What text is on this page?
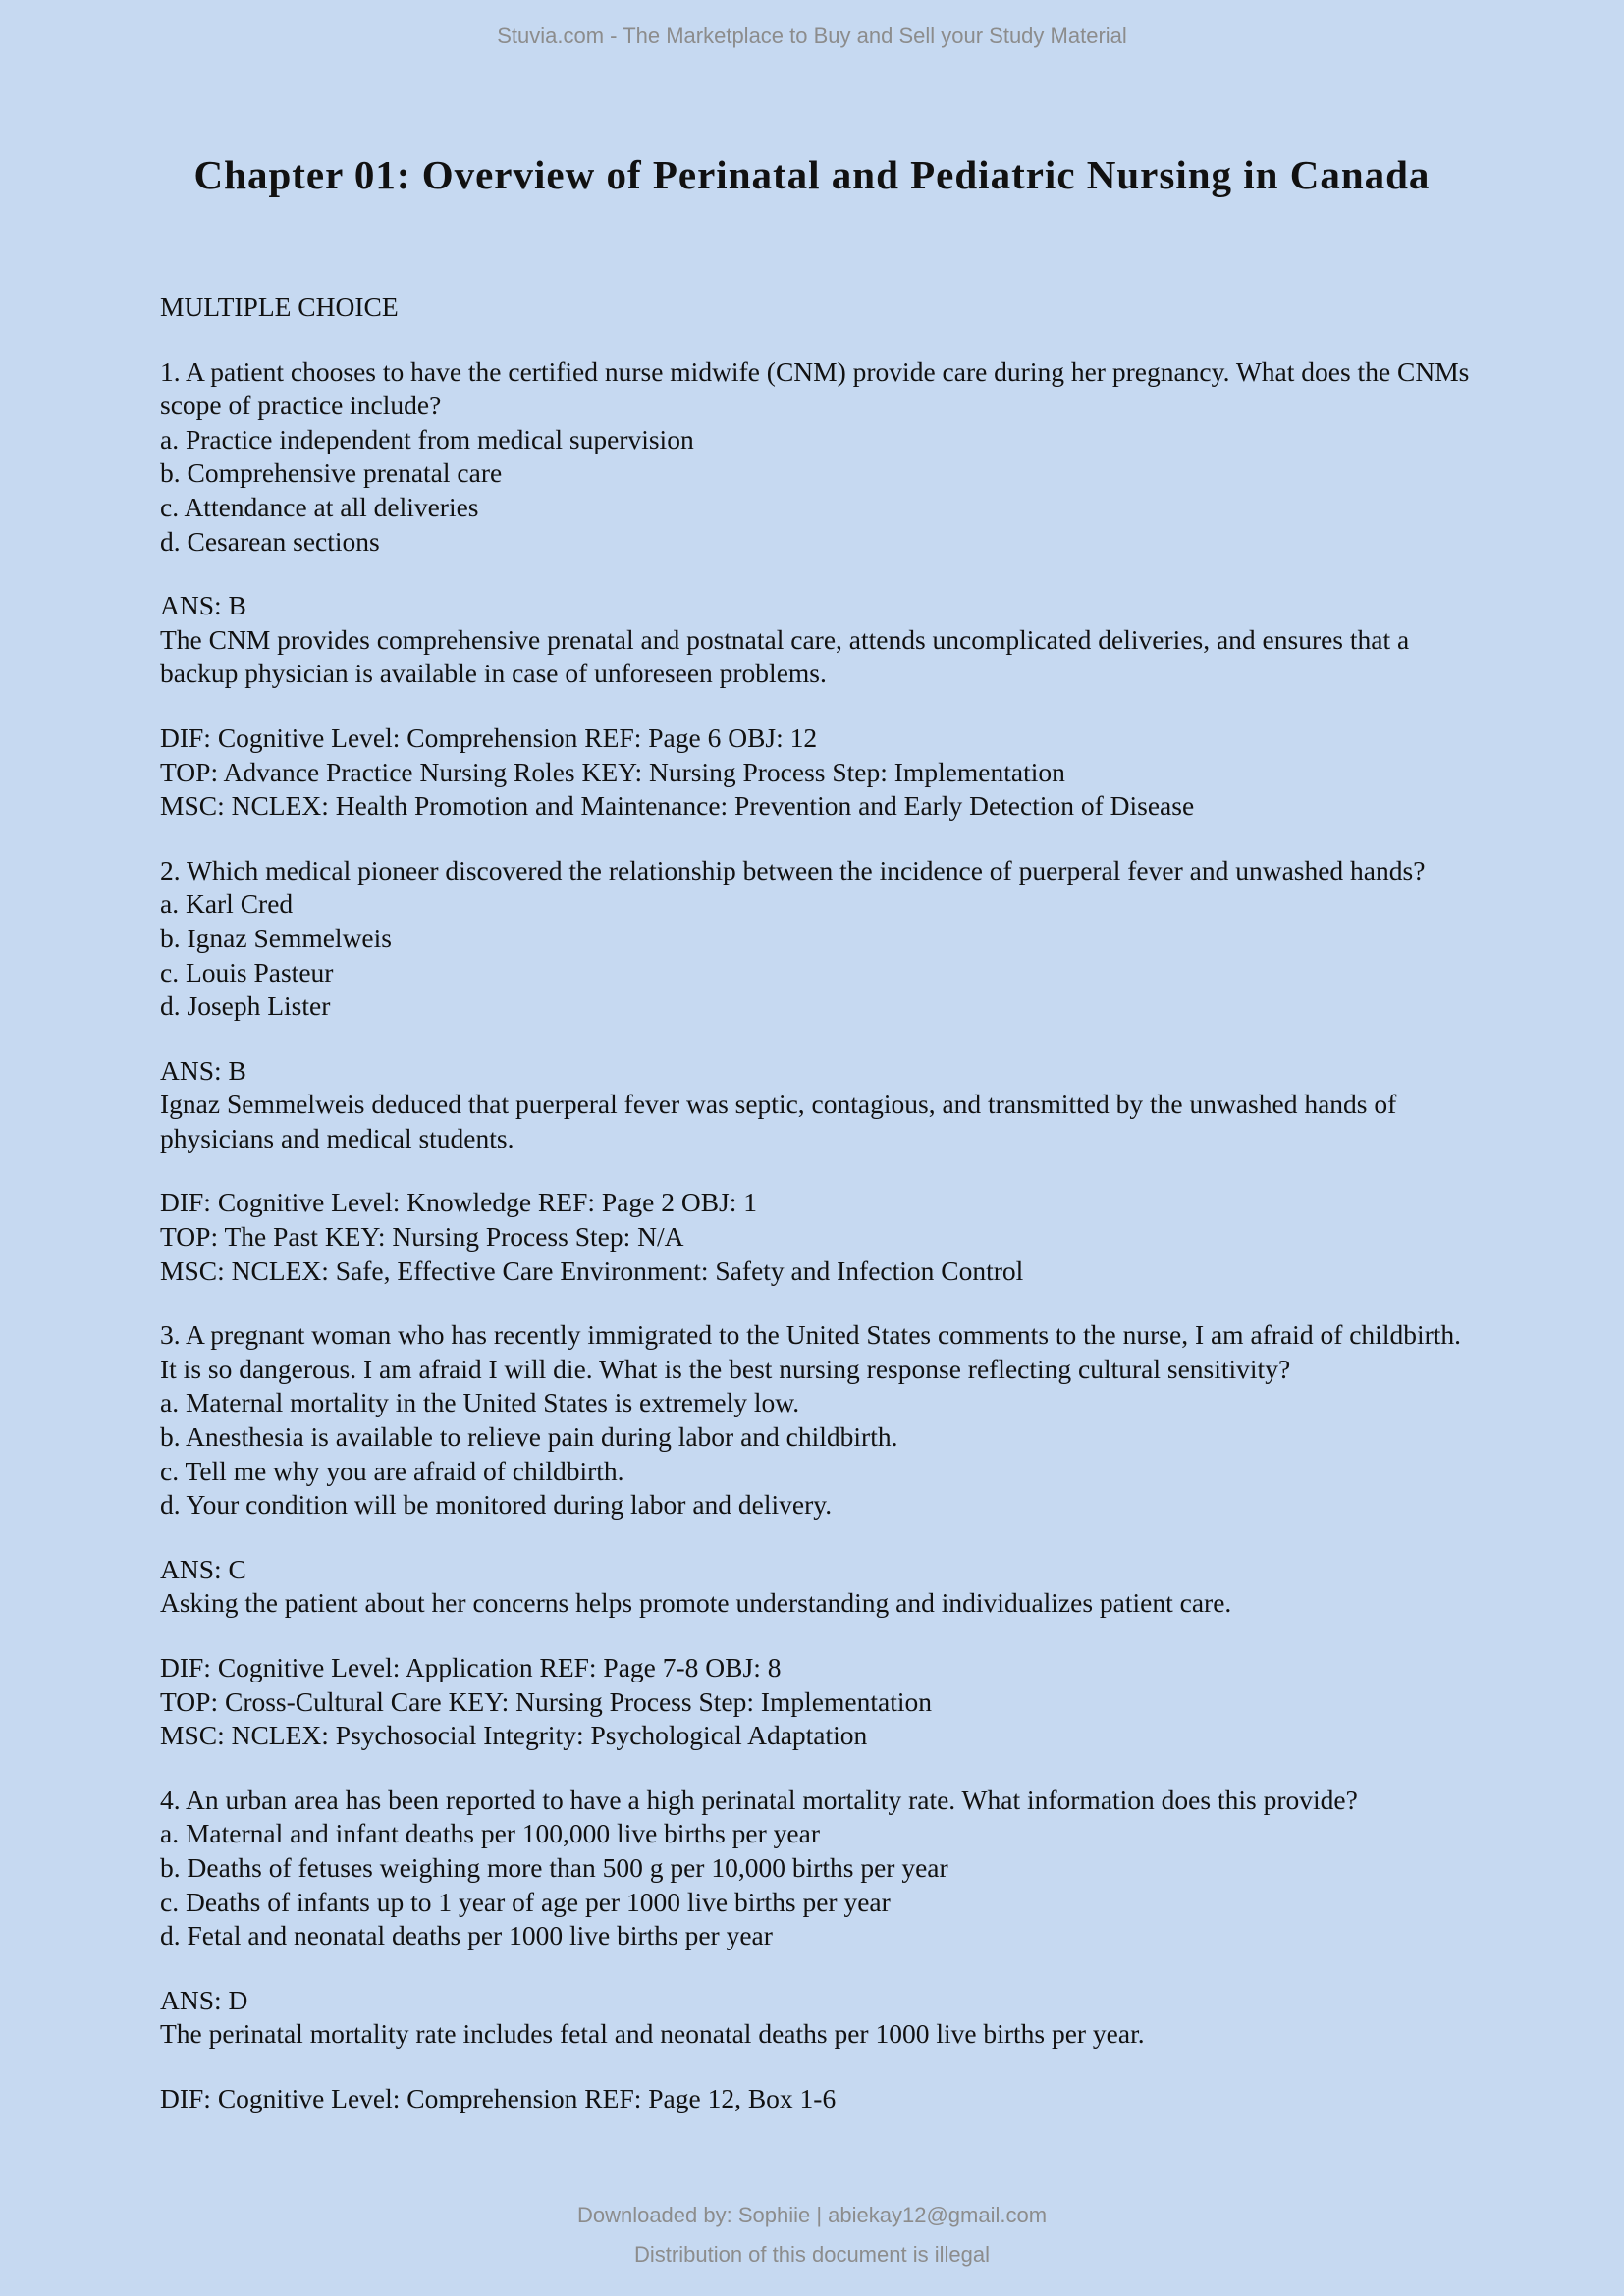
Stuvia.com - The Marketplace to Buy and Sell your Study Material
Chapter 01: Overview of Perinatal and Pediatric Nursing in Canada
MULTIPLE CHOICE
1. A patient chooses to have the certified nurse midwife (CNM) provide care during her pregnancy. What does the CNMs scope of practice include?
a. Practice independent from medical supervision
b. Comprehensive prenatal care
c. Attendance at all deliveries
d. Cesarean sections
ANS: B
The CNM provides comprehensive prenatal and postnatal care, attends uncomplicated deliveries, and ensures that a backup physician is available in case of unforeseen problems.
DIF: Cognitive Level: Comprehension REF: Page 6 OBJ: 12
TOP: Advance Practice Nursing Roles KEY: Nursing Process Step: Implementation
MSC: NCLEX: Health Promotion and Maintenance: Prevention and Early Detection of Disease
2. Which medical pioneer discovered the relationship between the incidence of puerperal fever and unwashed hands?
a. Karl Cred
b. Ignaz Semmelweis
c. Louis Pasteur
d. Joseph Lister
ANS: B
Ignaz Semmelweis deduced that puerperal fever was septic, contagious, and transmitted by the unwashed hands of physicians and medical students.
DIF: Cognitive Level: Knowledge REF: Page 2 OBJ: 1
TOP: The Past KEY: Nursing Process Step: N/A
MSC: NCLEX: Safe, Effective Care Environment: Safety and Infection Control
3. A pregnant woman who has recently immigrated to the United States comments to the nurse, I am afraid of childbirth. It is so dangerous. I am afraid I will die. What is the best nursing response reflecting cultural sensitivity?
a. Maternal mortality in the United States is extremely low.
b. Anesthesia is available to relieve pain during labor and childbirth.
c. Tell me why you are afraid of childbirth.
d. Your condition will be monitored during labor and delivery.
ANS: C
Asking the patient about her concerns helps promote understanding and individualizes patient care.
DIF: Cognitive Level: Application REF: Page 7-8 OBJ: 8
TOP: Cross-Cultural Care KEY: Nursing Process Step: Implementation
MSC: NCLEX: Psychosocial Integrity: Psychological Adaptation
4. An urban area has been reported to have a high perinatal mortality rate. What information does this provide?
a. Maternal and infant deaths per 100,000 live births per year
b. Deaths of fetuses weighing more than 500 g per 10,000 births per year
c. Deaths of infants up to 1 year of age per 1000 live births per year
d. Fetal and neonatal deaths per 1000 live births per year
ANS: D
The perinatal mortality rate includes fetal and neonatal deaths per 1000 live births per year.
DIF: Cognitive Level: Comprehension REF: Page 12, Box 1-6
Downloaded by: Sophiie | abiekay12@gmail.com
Distribution of this document is illegal
